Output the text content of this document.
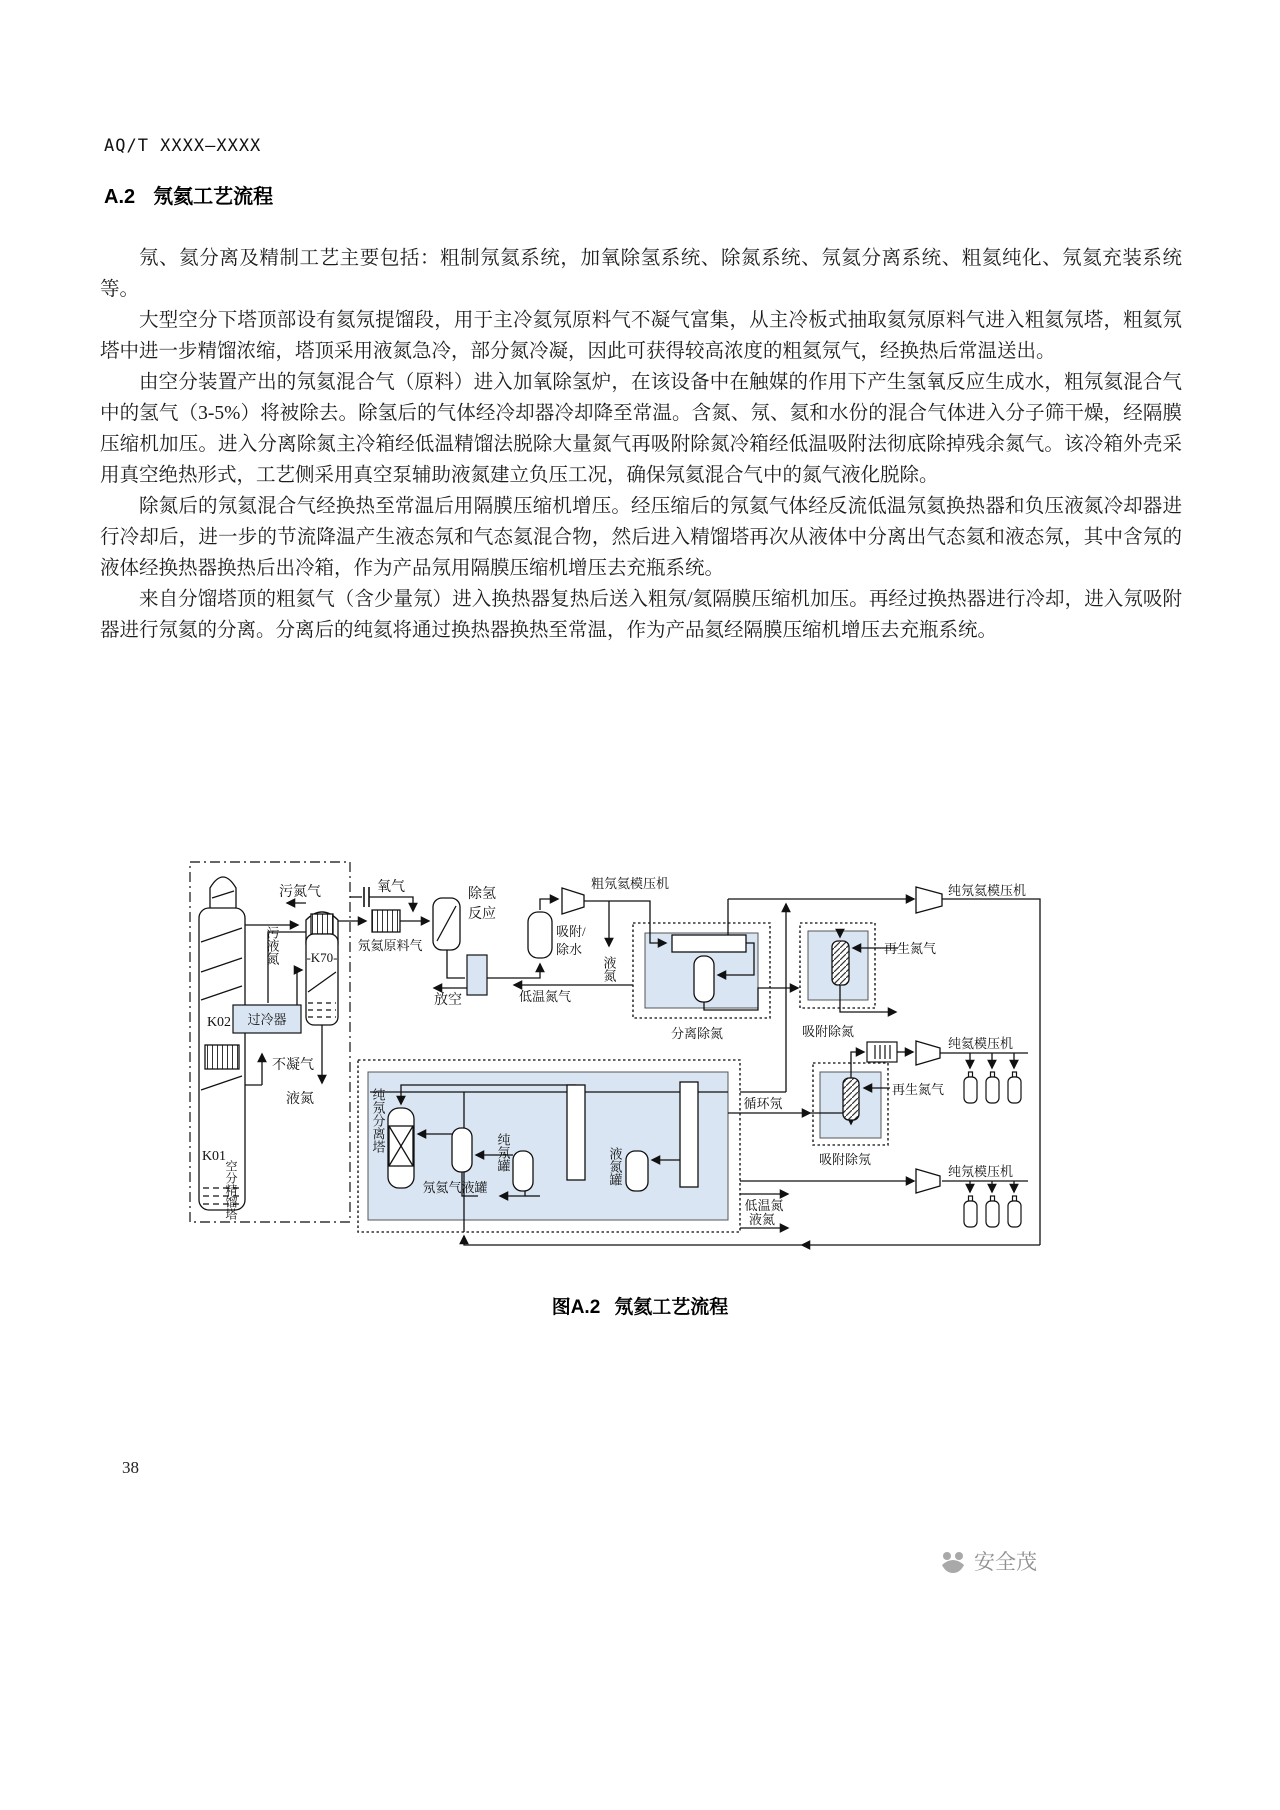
AQ/T XXXX—XXXX
A.2 氖氦工艺流程

氖、氦分离及精制工艺主要包括：粗制氖氦系统，加氧除氢系统、除氮系统、氖氦分离系统、粗氦纯化、氖氦充装系统等。

大型空分下塔顶部设有氦氖提馏段，用于主冷氦氖原料气不凝气富集，从主冷板式抽取氦氖原料气进入粗氦氖塔，粗氦氖塔中进一步精馏浓缩，塔顶采用液氮急冷，部分氮冷凝，因此可获得较高浓度的粗氦氖气，经换热后常温送出。

由空分装置产出的氖氦混合气（原料）进入加氧除氢炉，在该设备中在触媒的作用下产生氢氧反应生成水，粗氖氦混合气中的氢气（3-5%）将被除去。除氢后的气体经冷却器冷却降至常温。含氮、氖、氦和水份的混合气体进入分子筛干燥，经隔膜压缩机加压。进入分离除氮主冷箱经低温精馏法脱除大量氮气再吸附除氮冷箱经低温吸附法彻底除掉残余氮气。该冷箱外壳采用真空绝热形式，工艺侧采用真空泵辅助液氮建立负压工况，确保氖氦混合气中的氮气液化脱除。

除氮后的氖氦混合气经换热至常温后用隔膜压缩机增压。经压缩后的氖氦气体经反流低温氖氦换热器和负压液氮冷却器进行冷却后，进一步的节流降温产生液态氖和气态氦混合物，然后进入精馏塔再次从液体中分离出气态氦和液态氖，其中含氖的液体经换热器换热后出冷箱，作为产品氖用隔膜压缩机增压去充瓶系统。

来自分馏塔顶的粗氦气（含少量氖）进入换热器复热后送入粗氖/氦隔膜压缩机加压。再经过换热器进行冷却，进入氖吸附器进行氖氦的分离。分离后的纯氦将通过换热器换热至常温，作为产品氦经隔膜压缩机增压去充瓶系统。

污氮气	氧气	除氢
反应
污液氮 -K70-
K02
K01
过冷器
不凝气
液氮
空分精馏塔
氖氦原料气
放空	低温氮气
吸附/
除水
粗氖氦模压机
液氮
分离除氮
再生氮气
吸附除氮
纯氖氦模压机
纯氦模压机
再生氮气
吸附除氖
循环氖
纯氖模压机
低温氮
液氮
纯氖分离塔
氖氦气液罐
纯氖罐	液氮罐
图A.2 氖氦工艺流程
38
安全茂
